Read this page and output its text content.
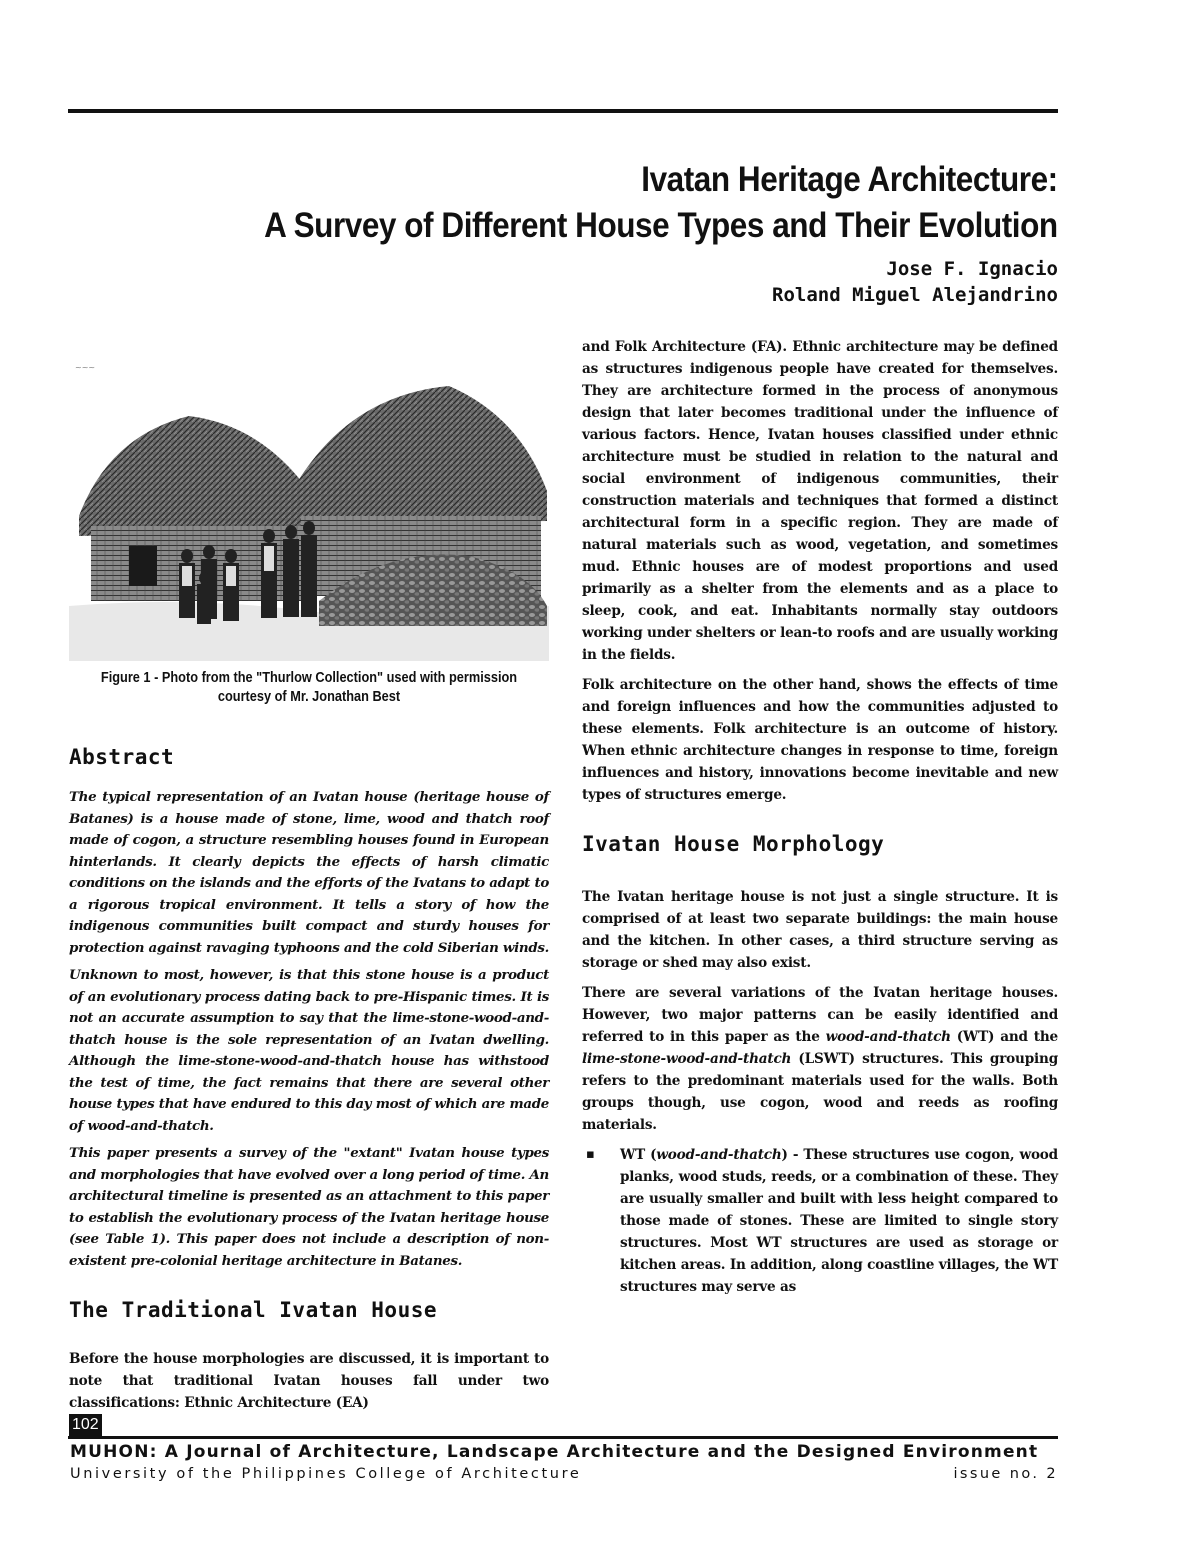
Ivatan Heritage Architecture:
A Survey of Different House Types and Their Evolution
Jose F. Ignacio
Roland Miguel Alejandrino
~~~
Figure 1 - Photo from the "Thurlow Collection" used with permission courtesy of Mr. Jonathan Best
Abstract

The typical representation of an Ivatan house (heritage house of Batanes) is a house made of stone, lime, wood and thatch roof made of cogon, a structure resembling houses found in European hinterlands. It clearly depicts the effects of harsh climatic conditions on the islands and the efforts of the Ivatans to adapt to a rigorous tropical environment. It tells a story of how the indigenous communities built compact and sturdy houses for protection against ravaging typhoons and the cold Siberian winds.

Unknown to most, however, is that this stone house is a product of an evolutionary process dating back to pre-Hispanic times. It is not an accurate assumption to say that the lime-stone-wood-and-thatch house is the sole representation of an Ivatan dwelling. Although the lime-stone-wood-and-thatch house has withstood the test of time, the fact remains that there are several other house types that have endured to this day most of which are made of wood-and-thatch.

This paper presents a survey of the "extant" Ivatan house types and morphologies that have evolved over a long period of time. An architectural timeline is presented as an attachment to this paper to establish the evolutionary process of the Ivatan heritage house (see Table 1). This paper does not include a description of non-existent pre-colonial heritage architecture in Batanes.

The Traditional Ivatan House

Before the house morphologies are discussed, it is important to note that traditional Ivatan houses fall under two classifications: Ethnic Architecture (EA)

and Folk Architecture (FA). Ethnic architecture may be defined as structures indigenous people have created for themselves. They are architecture formed in the process of anonymous design that later becomes traditional under the influence of various factors. Hence, Ivatan houses classified under ethnic architecture must be studied in relation to the natural and social environment of indigenous communities, their construction materials and techniques that formed a distinct architectural form in a specific region. They are made of natural materials such as wood, vegetation, and sometimes mud. Ethnic houses are of modest proportions and used primarily as a shelter from the elements and as a place to sleep, cook, and eat. Inhabitants normally stay outdoors working under shelters or lean-to roofs and are usually working in the fields.

Folk architecture on the other hand, shows the effects of time and foreign influences and how the communities adjusted to these elements. Folk architecture is an outcome of history. When ethnic architecture changes in response to time, foreign influences and history, innovations become inevitable and new types of structures emerge.

Ivatan House Morphology

The Ivatan heritage house is not just a single structure. It is comprised of at least two separate buildings: the main house and the kitchen. In other cases, a third structure serving as storage or shed may also exist.

There are several variations of the Ivatan heritage houses. However, two major patterns can be easily identified and referred to in this paper as the wood-and-thatch (WT) and the lime-stone-wood-and-thatch (LSWT) structures. This grouping refers to the predominant materials used for the walls. Both groups though, use cogon, wood and reeds as roofing materials.

▪	WT (wood-and-thatch) - These structures use cogon, wood planks, wood studs, reeds, or a combination of these. They are usually smaller and built with less height compared to those made of stones. These are limited to single story structures. Most WT structures are used as storage or kitchen areas. In addition, along coastline villages, the WT structures may serve as
102
MUHON: A Journal of Architecture, Landscape Architecture and the Designed Environment
University of the Philippines College of Architecture	issue no. 2
